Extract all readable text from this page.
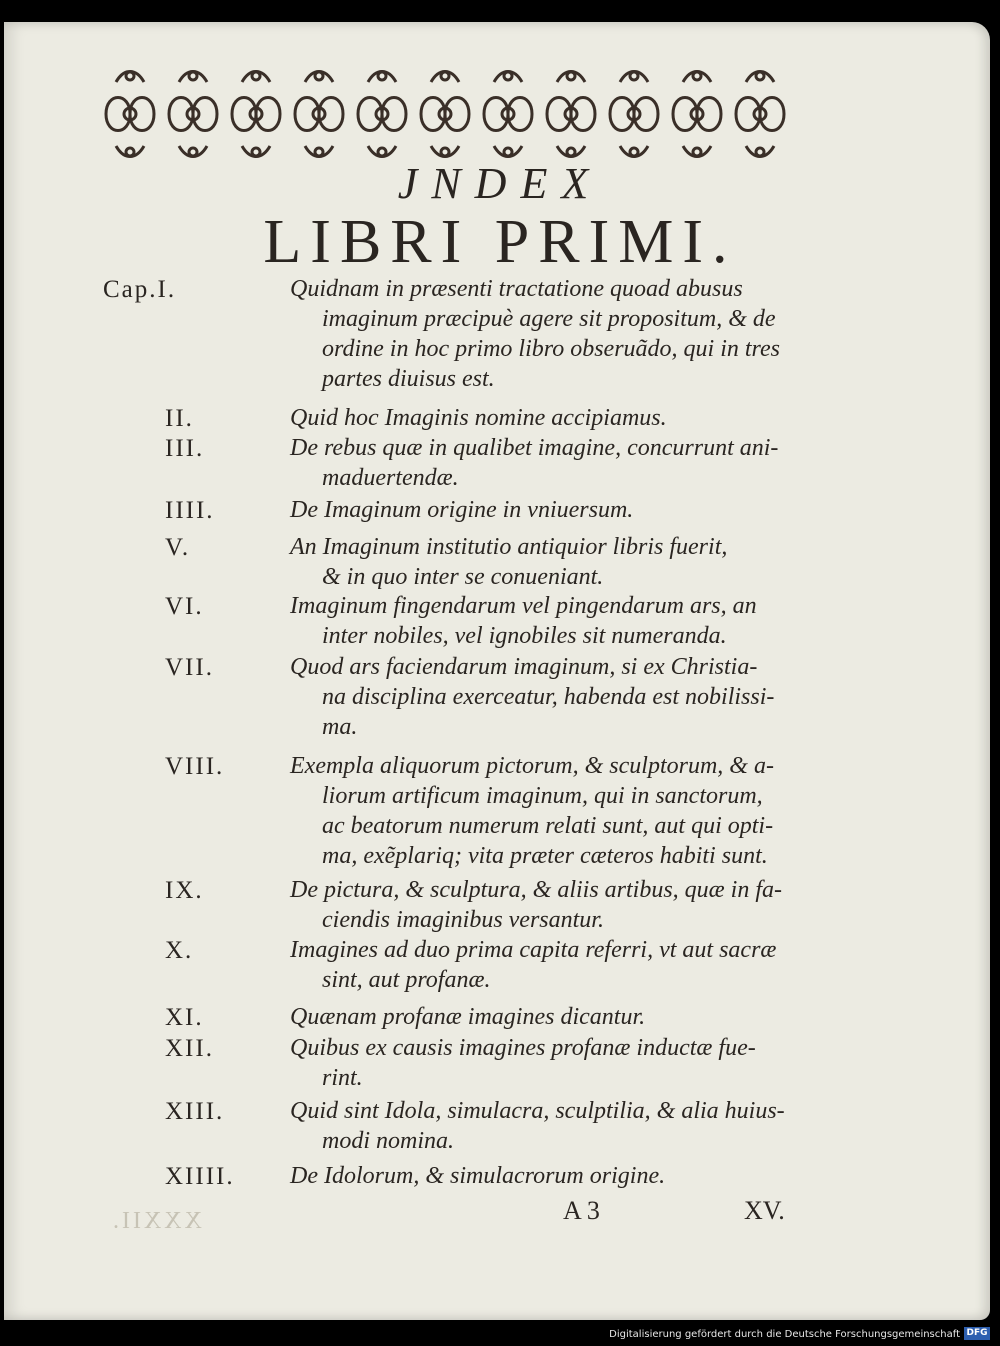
JNDEX
LIBRI PRIMI.
Cap.I.	Quidnam in præsenti tractatione quoad abusus
imaginum præcipuè agere sit propositum, & de
ordine in hoc primo libro obseruãdo, qui in tres
partes diuisus est.
II.	Quid hoc Imaginis nomine accipiamus.
III.	De rebus quæ in qualibet imagine, concurrunt ani-
maduertendæ.
IIII.	De Imaginum origine in vniuersum.
V.	An Imaginum institutio antiquior libris fuerit,
& in quo inter se conueniant.
VI.	Imaginum fingendarum vel pingendarum ars, an
inter nobiles, vel ignobiles sit numeranda.
VII.	Quod ars faciendarum imaginum, si ex Christia-
na disciplina exerceatur, habenda est nobilissi-
ma.
VIII.	Exempla aliquorum pictorum, & sculptorum, & a-
liorum artificum imaginum, qui in sanctorum,
ac beatorum numerum relati sunt, aut qui opti-
ma, exẽplariq; vita præter cæteros habiti sunt.
IX.	De pictura, & sculptura, & aliis artibus, quæ in fa-
ciendis imaginibus versantur.
X.	Imagines ad duo prima capita referri, vt aut sacræ
sint, aut profanæ.
XI.	Quænam profanæ imagines dicantur.
XII.	Quibus ex causis imagines profanæ inductæ fue-
rint.
XIII.	Quid sint Idola, simulacra, sculptilia, & alia huius-
modi nomina.
XIIII. De Idolorum, & simulacrorum origine.
A 3	XV.
XXXII.
Digitalisierung gefördert durch die Deutsche Forschungsgemeinschaft DFG
